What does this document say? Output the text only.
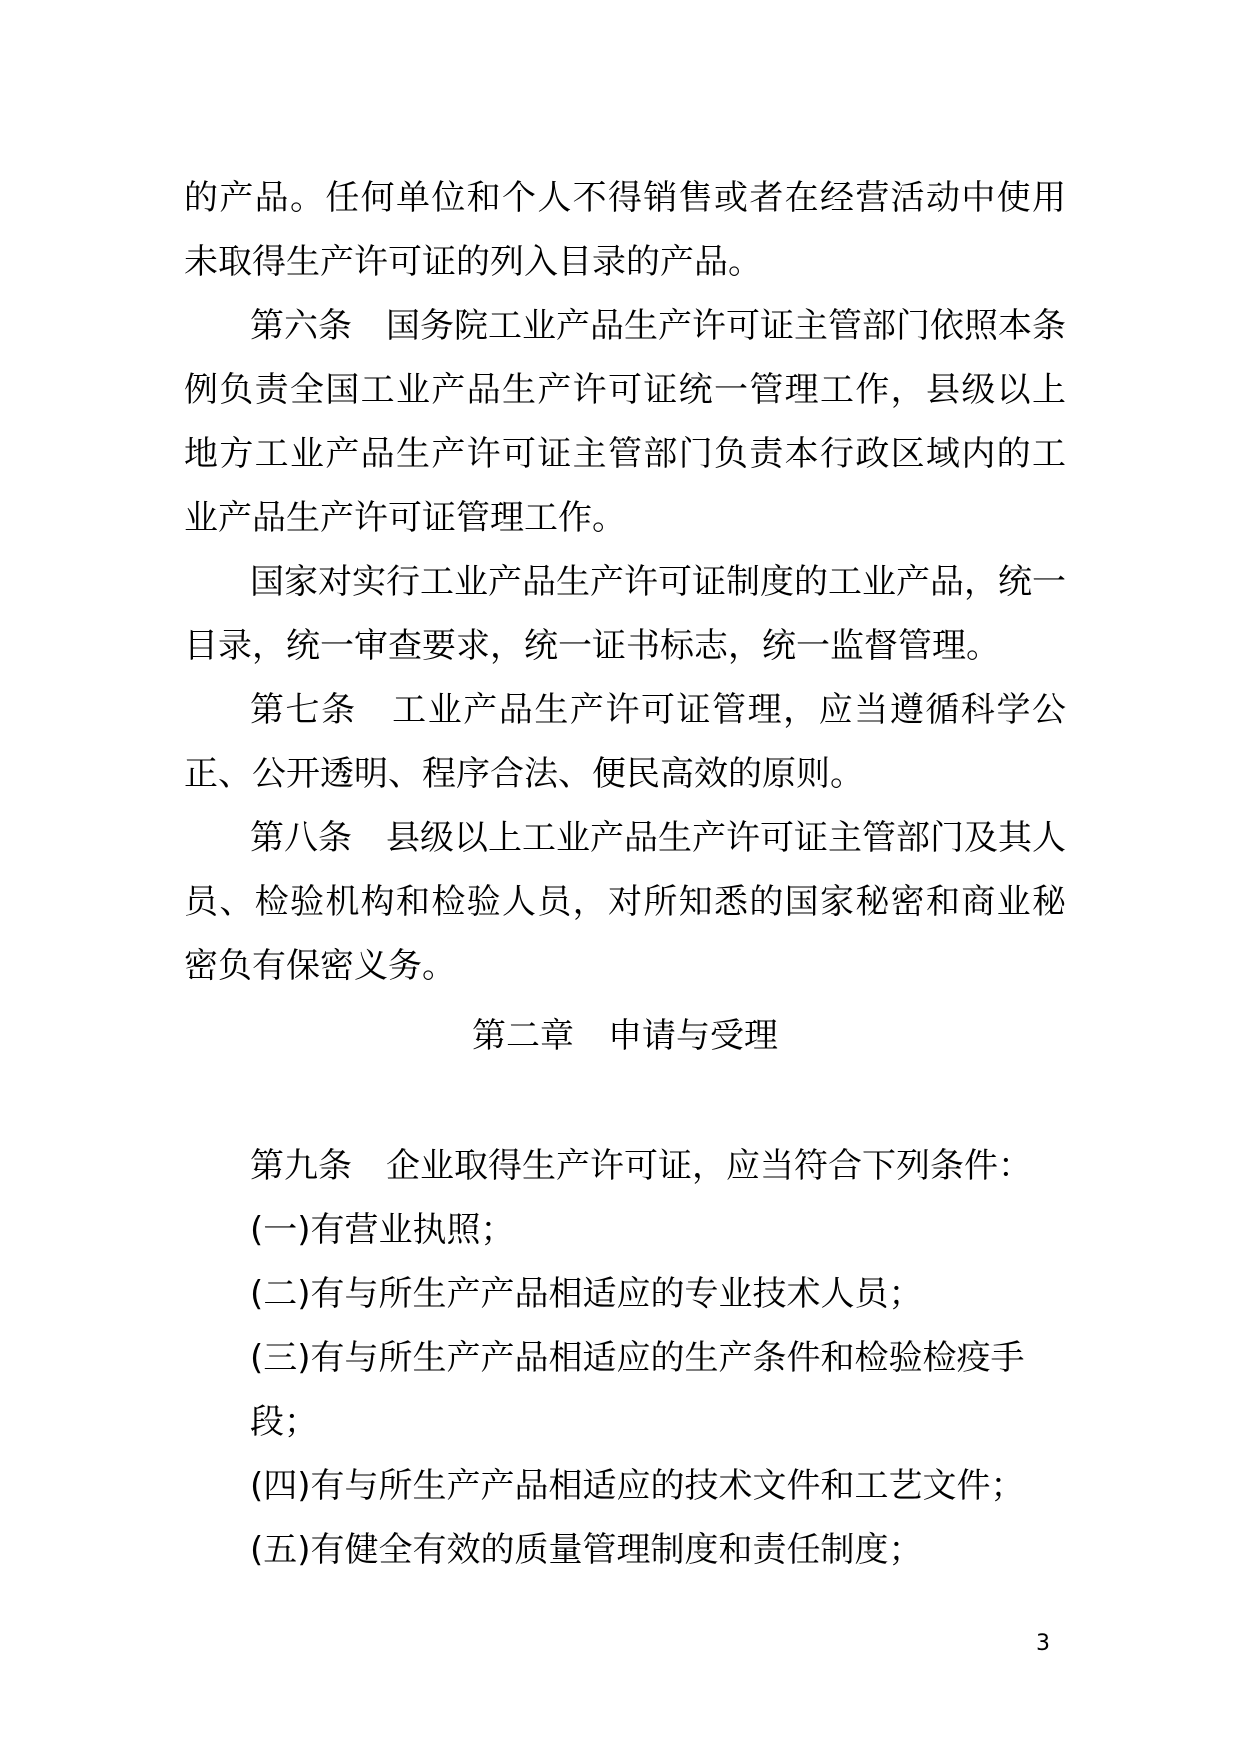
的产品。任何单位和个人不得销售或者在经营活动中使用未取得生产许可证的列入目录的产品。

第六条　国务院工业产品生产许可证主管部门依照本条例负责全国工业产品生产许可证统一管理工作，县级以上地方工业产品生产许可证主管部门负责本行政区域内的工业产品生产许可证管理工作。

国家对实行工业产品生产许可证制度的工业产品，统一目录，统一审查要求，统一证书标志，统一监督管理。

第七条　工业产品生产许可证管理，应当遵循科学公正、公开透明、程序合法、便民高效的原则。

第八条　县级以上工业产品生产许可证主管部门及其人员、检验机构和检验人员，对所知悉的国家秘密和商业秘密负有保密义务。

第二章　申请与受理

第九条　企业取得生产许可证，应当符合下列条件：

(一)有营业执照；

(二)有与所生产产品相适应的专业技术人员；

(三)有与所生产产品相适应的生产条件和检验检疫手段；

(四)有与所生产产品相适应的技术文件和工艺文件；

(五)有健全有效的质量管理制度和责任制度；

3
